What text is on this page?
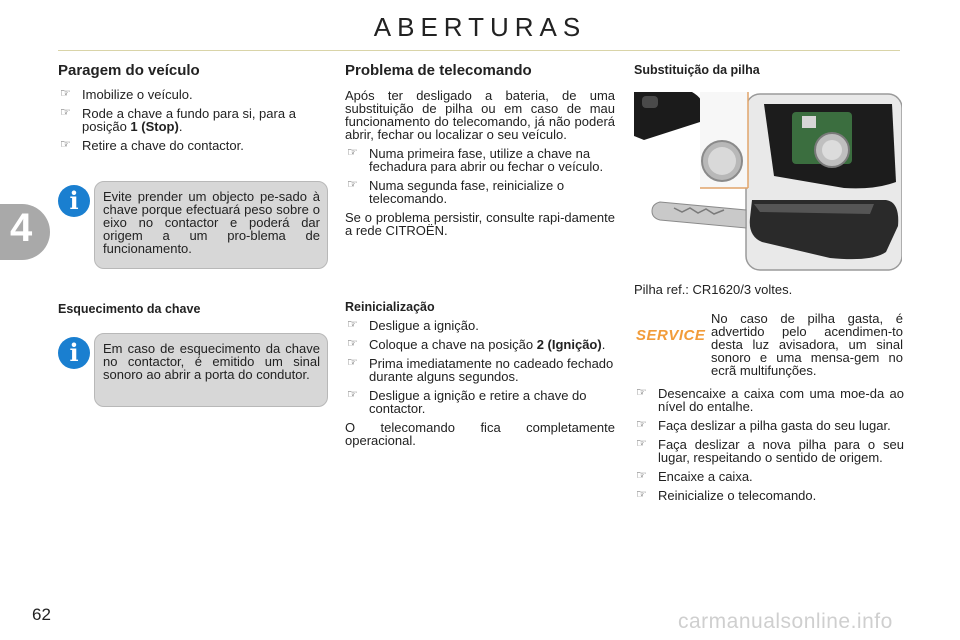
ABERTURAS
4
Paragem do veículo
☞ Imobilize o veículo.
☞ Rode a chave a fundo para si, para a posição 1 (Stop).
☞ Retire a chave do contactor.
i	Evite prender um objecto pe-sado à chave porque efectuará peso sobre o eixo no contactor e poderá dar origem a um pro-blema de funcionamento.
Esquecimento da chave
i	Em caso de esquecimento da chave no contactor, é emitido um sinal sonoro ao abrir a porta do condutor.
Problema de telecomando
Após ter desligado a bateria, de uma substituição de pilha ou em caso de mau funcionamento do telecomando, já não poderá abrir, fechar ou localizar o seu veículo.
☞ Numa primeira fase, utilize a chave na fechadura para abrir ou fechar o veículo.
☞ Numa segunda fase, reinicialize o telecomando.
Se o problema persistir, consulte rapi-damente a rede CITROËN.
Reinicialização
☞ Desligue a ignição.
☞ Coloque a chave na posição 2 (Ignição).
☞ Prima imediatamente no cadeado fechado durante alguns segundos.
☞ Desligue a ignição e retire a chave do contactor.
O telecomando fica completamente operacional.
Substituição da pilha
Pilha ref.: CR1620/3 voltes.
SERVICE
No caso de pilha gasta, é advertido pelo acendimen-to desta luz avisadora, um sinal sonoro e uma mensa-gem no ecrã multifunções.
☞ Desencaixe a caixa com uma moe-da ao nível do entalhe.
☞ Faça deslizar a pilha gasta do seu lugar.
☞ Faça deslizar a nova pilha para o seu lugar, respeitando o sentido de origem.
☞ Encaixe a caixa.
☞ Reinicialize o telecomando.
62	carmanualsonline.info
